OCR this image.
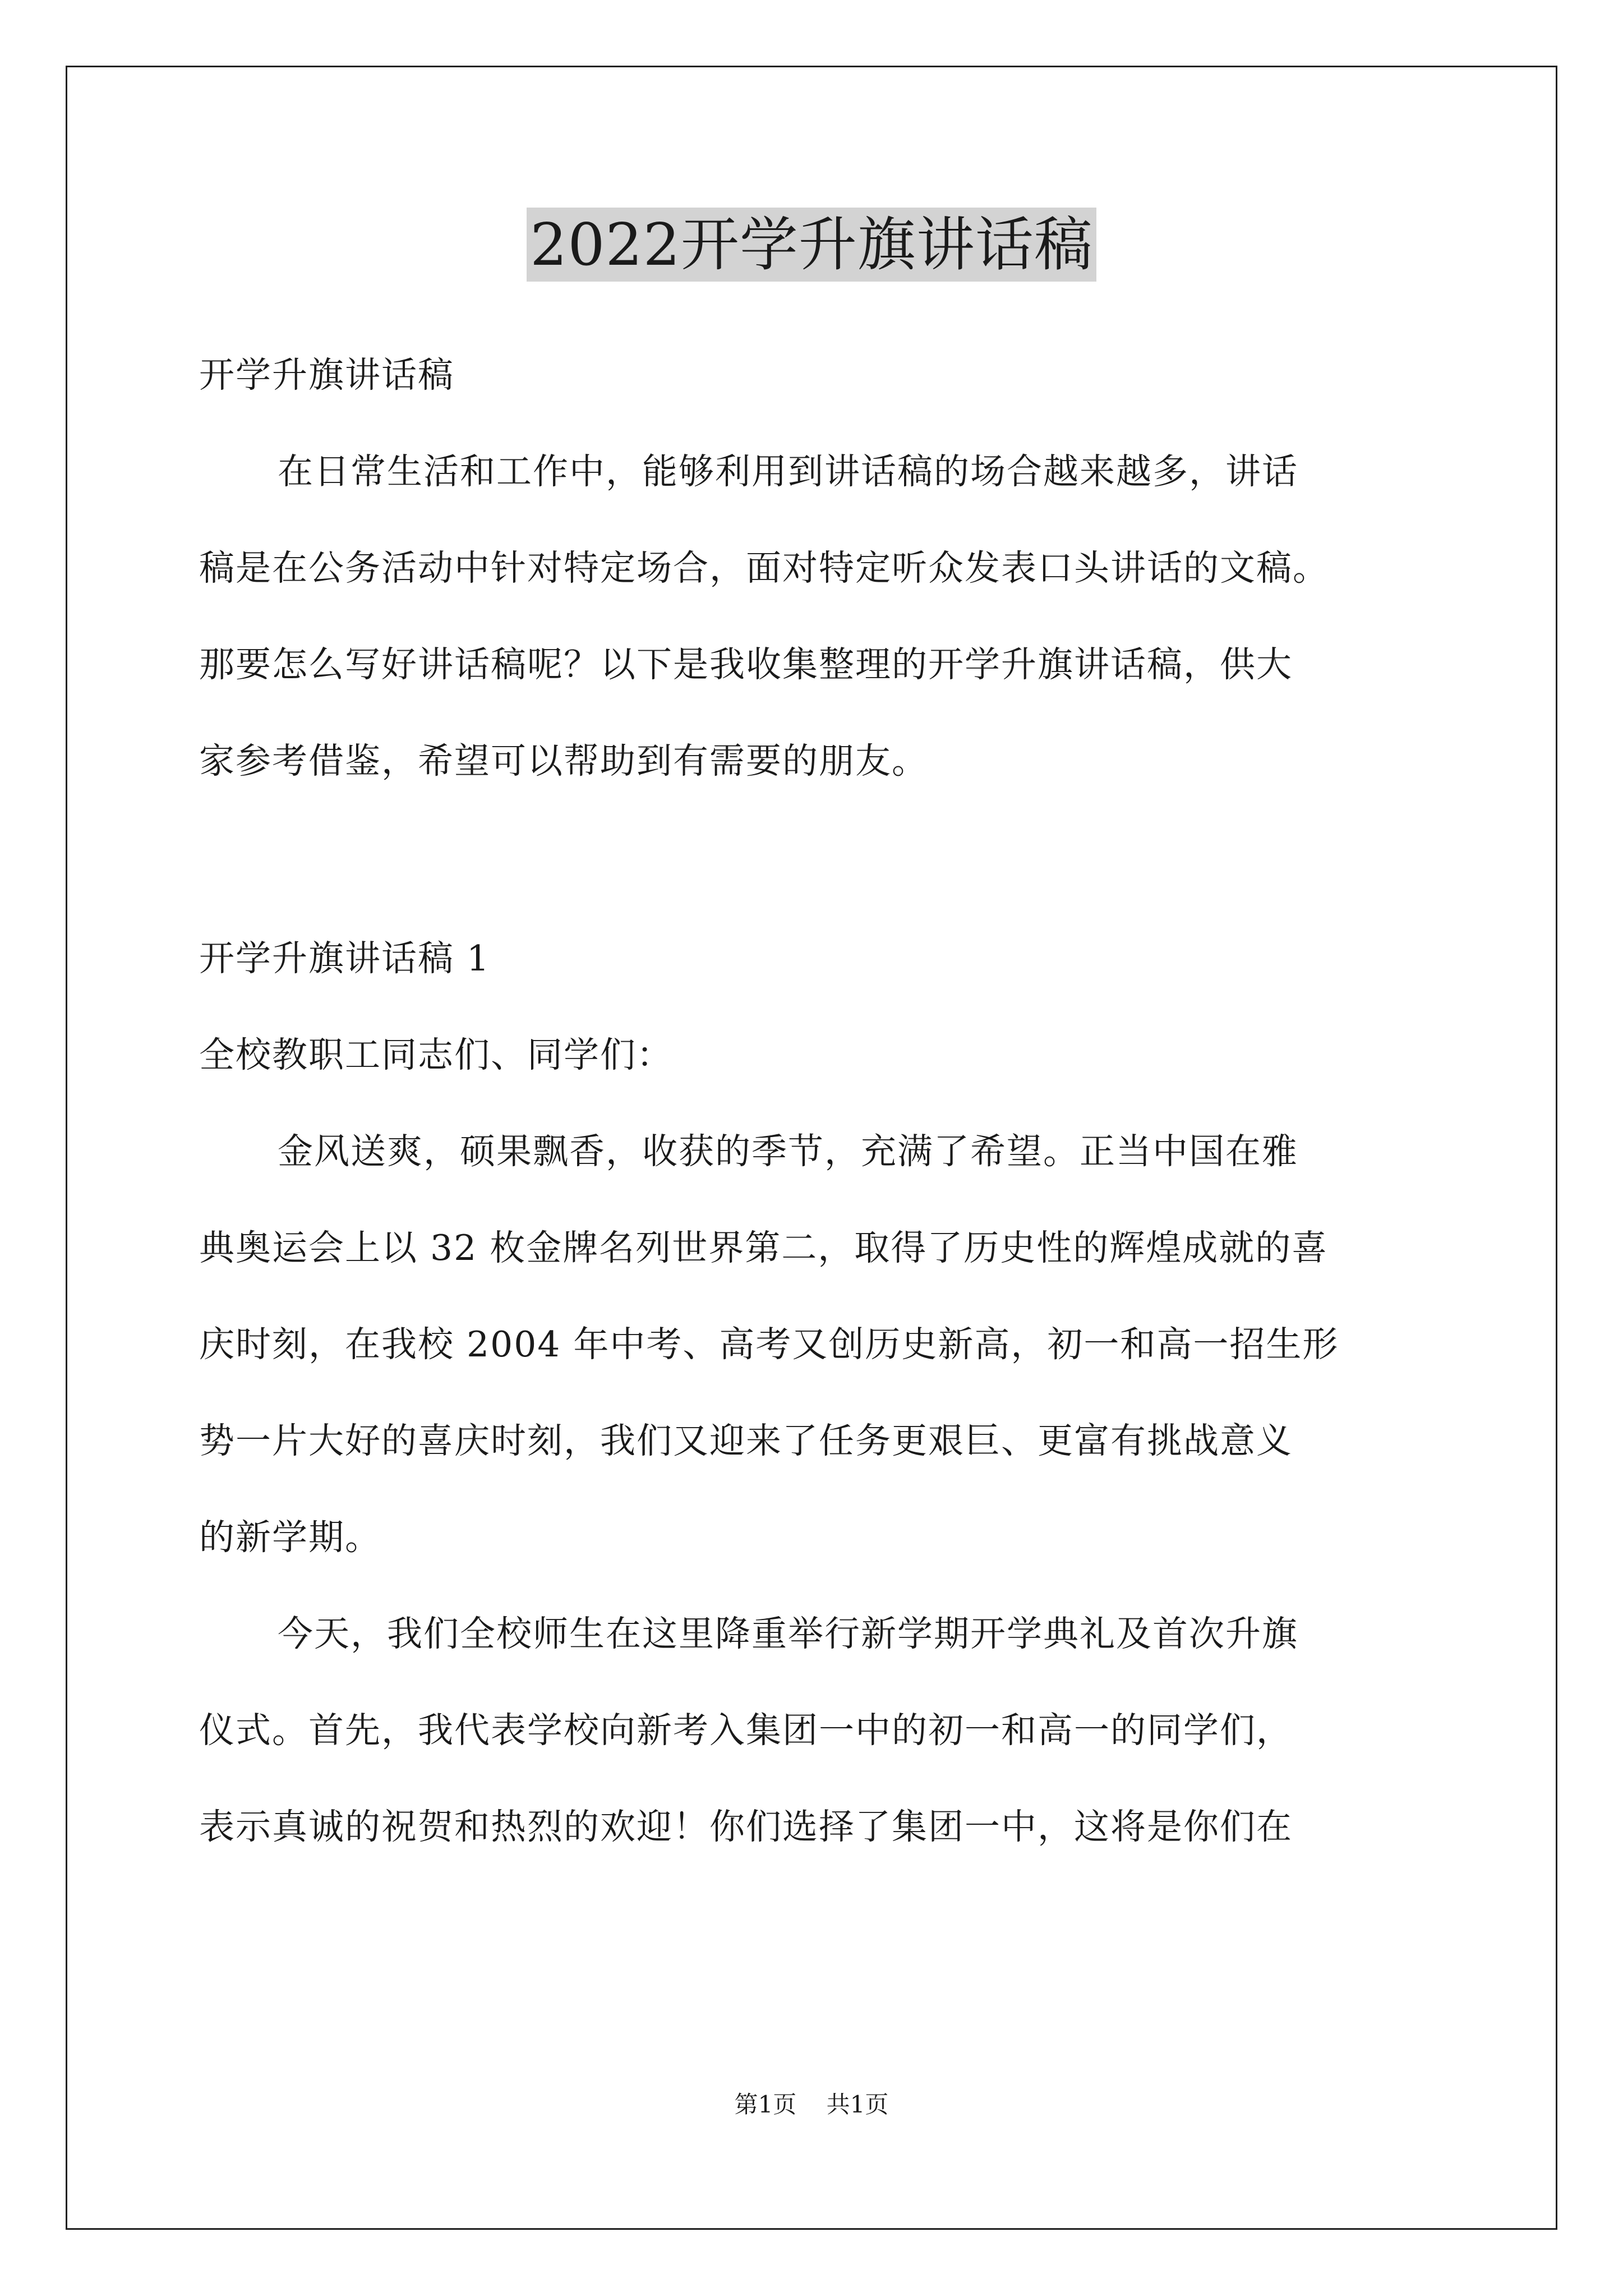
2022开学升旗讲话稿
开学升旗讲话稿
在日常生活和工作中，能够利用到讲话稿的场合越来越多，讲话
稿是在公务活动中针对特定场合，面对特定听众发表口头讲话的文稿。
那要怎么写好讲话稿呢？以下是我收集整理的开学升旗讲话稿，供大
家参考借鉴，希望可以帮助到有需要的朋友。
开学升旗讲话稿 1
全校教职工同志们、同学们：
金风送爽，硕果飘香，收获的季节，充满了希望。正当中国在雅
典奥运会上以 32 枚金牌名列世界第二，取得了历史性的辉煌成就的喜
庆时刻，在我校 2004 年中考、高考又创历史新高，初一和高一招生形
势一片大好的喜庆时刻，我们又迎来了任务更艰巨、更富有挑战意义
的新学期。
今天，我们全校师生在这里降重举行新学期开学典礼及首次升旗
仪式。首先，我代表学校向新考入集团一中的初一和高一的同学们，
表示真诚的祝贺和热烈的欢迎！你们选择了集团一中，这将是你们在
第1页 共1页
